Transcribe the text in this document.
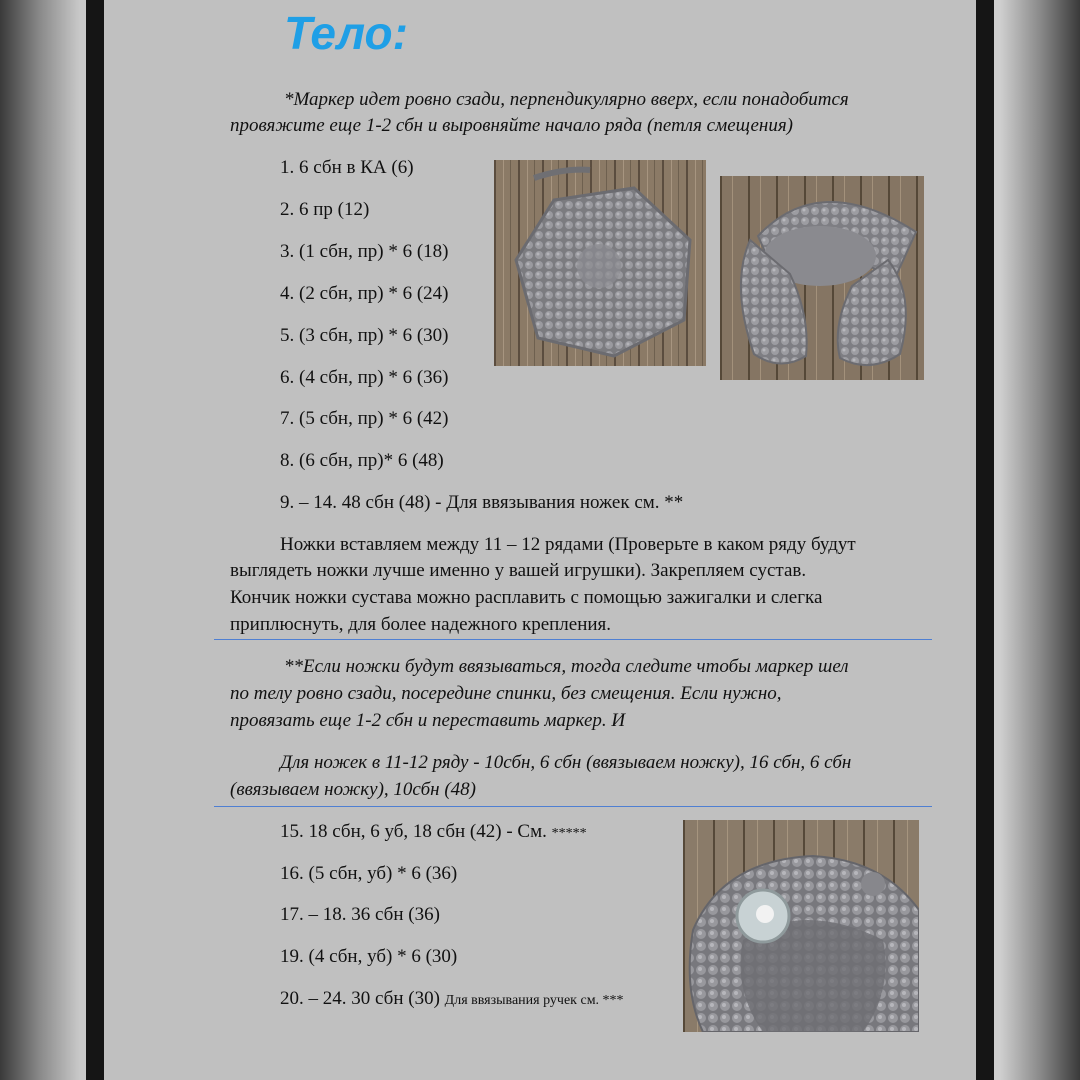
Тело:
*Маркер идет ровно сзади, перпендикулярно вверх, если понадобится
провяжите еще 1-2 сбн и выровняйте начало ряда (петля смещения)
1. 6 сбн в КА (6)
2. 6 пр (12)
3. (1 сбн, пр) * 6 (18)
4. (2 сбн, пр) * 6 (24)
5. (3 сбн, пр) * 6 (30)
6. (4 сбн, пр) * 6 (36)
7. (5 сбн, пр) * 6 (42)
8. (6 сбн, пр)* 6 (48)
9. – 14. 48 сбн (48) - Для ввязывания ножек см. **
Ножки вставляем между 11 – 12 рядами (Проверьте в каком ряду будут
выглядеть ножки лучше именно у вашей игрушки). Закрепляем сустав.
Кончик ножки сустава можно расплавить с помощью зажигалки и слегка
приплюснуть, для более надежного крепления.
**Если ножки будут ввязываться, тогда следите чтобы маркер шел
по телу ровно сзади, посередине спинки, без смещения. Если нужно,
провязать еще 1-2 сбн и переставить маркер. И
Для ножек в 11-12 ряду - 10сбн, 6 сбн (ввязываем ножку), 16 сбн, 6 сбн
(ввязываем ножку), 10сбн (48)
15. 18 сбн, 6 уб, 18 сбн (42) - См. *****
16. (5 сбн, уб) * 6 (36)
17. – 18. 36 сбн (36)
19. (4 сбн, уб) * 6 (30)
20. – 24. 30 сбн (30) Для ввязывания ручек см. ***
